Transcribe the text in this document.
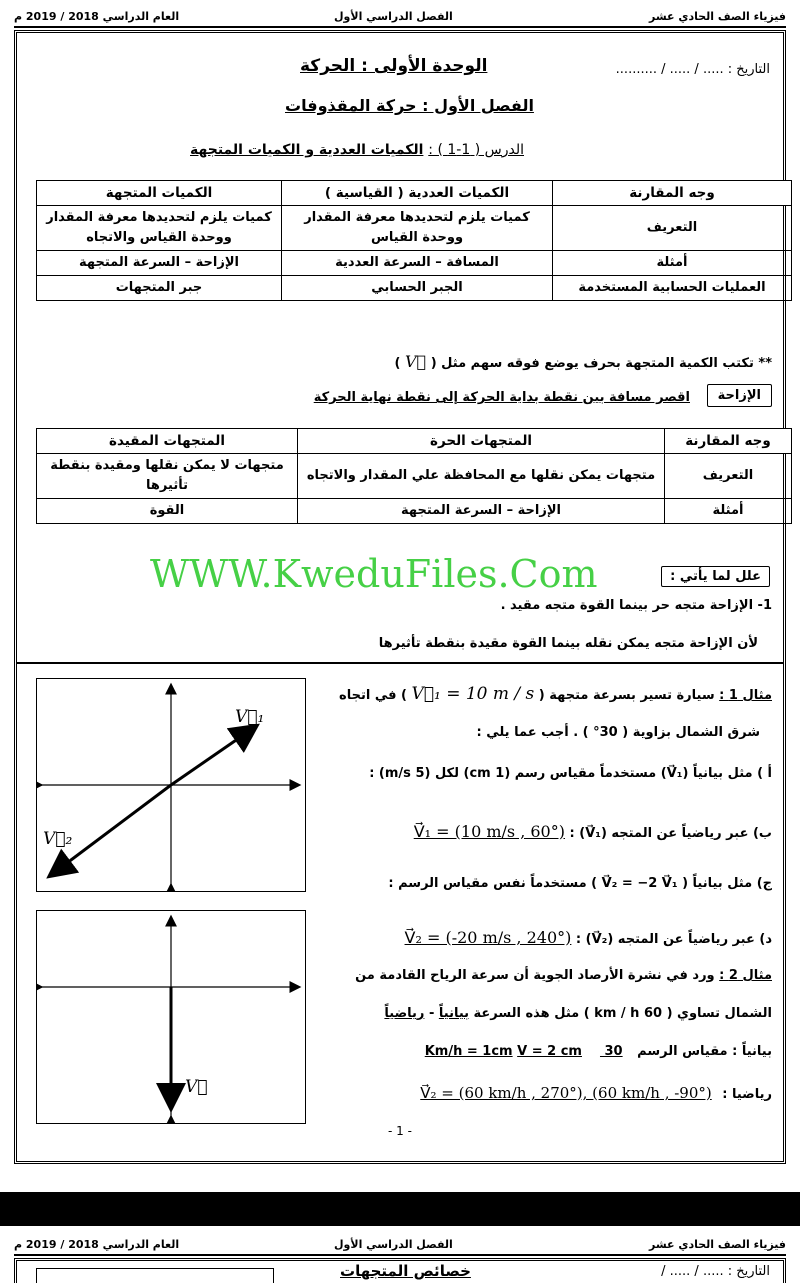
فيزياء الصف الحادي عشر
الفصل الدراسي الأول
العام الدراسي 2018 / 2019 م
التاريخ : ..... / ..... / ..........
الوحدة الأولى : الحركة
الفصل الأول : حركة المقذوفات
الدرس ( 1-1 ) : الكميات العددية و الكميات المتجهة
وجه المقارنة	الكميات العددية ( القياسية )	الكميات المتجهة
التعريف	كميات يلزم لتحديدها معرفة المقدار ووحدة القياس	كميات يلزم لتحديدها معرفة المقدار ووحدة القياس والاتجاه
أمثلة	المسافة – السرعة العددية	الإزاحة – السرعة المتجهة
العمليات الحسابية المستخدمة	الجبر الحسابي	جبر المتجهات
** تكتب الكمية المتجهة بحرف يوضع فوقه سهم مثل ( V⃗ )
الإزاحة
اقصر مسافة بين نقطة بداية الحركة إلى نقطة نهاية الحركة
وجه المقارنة	المتجهات الحرة	المتجهات المقيدة
التعريف	متجهات يمكن نقلها مع المحافظة علي المقدار والاتجاه	متجهات لا يمكن نقلها ومقيدة بنقطة تأثيرها
أمثلة	الإزاحة – السرعة المتجهة	القوة
WWW.KweduFiles.Com	علل لما يأتي :
1- الإزاحة متجه حر بينما القوة متجه مقيد .
لأن الإزاحة متجه يمكن نقله بينما القوة مقيدة بنقطة تأثيرها
مثال 1 : سيارة تسير بسرعة متجهة ( V⃗₁ = 10 m / s ) في اتجاه
شرق الشمال بزاوية ( 30° ) . أجب عما يلي :
أ ) مثل بيانياً (V⃗₁) مستخدماً مقياس رسم (1 cm) لكل (5 m/s) :
ب) عبر رياضياً عن المتجه (V⃗₁) : V⃗₁ = (10 m/s , 60°)
ج) مثل بيانياً ( V⃗₂ = −2 V⃗₁ ) مستخدماً نفس مقياس الرسم :
د) عبر رياضياً عن المتجه (V⃗₂) : V⃗₂ = (-20 m/s , 240°)
V⃗₁
V⃗₂
مثال 2 : ورد في نشرة الأرصاد الجوية أن سرعة الرياح القادمة من
الشمال تساوي ( 60 km / h ) مثل هذه السرعة بيانياً - رياضياً
بيانياً : مقياس الرسم 30 Km/h = 1cm V = 2 cm
رياضيا : V⃗₂ = (60 km/h , 270°), (60 km/h , -90°)
V⃗
- 1 -
فيزياء الصف الحادي عشر
الفصل الدراسي الأول
العام الدراسي 2018 / 2019 م
التاريخ : ..... / ..... /
خصائص المتجهات
